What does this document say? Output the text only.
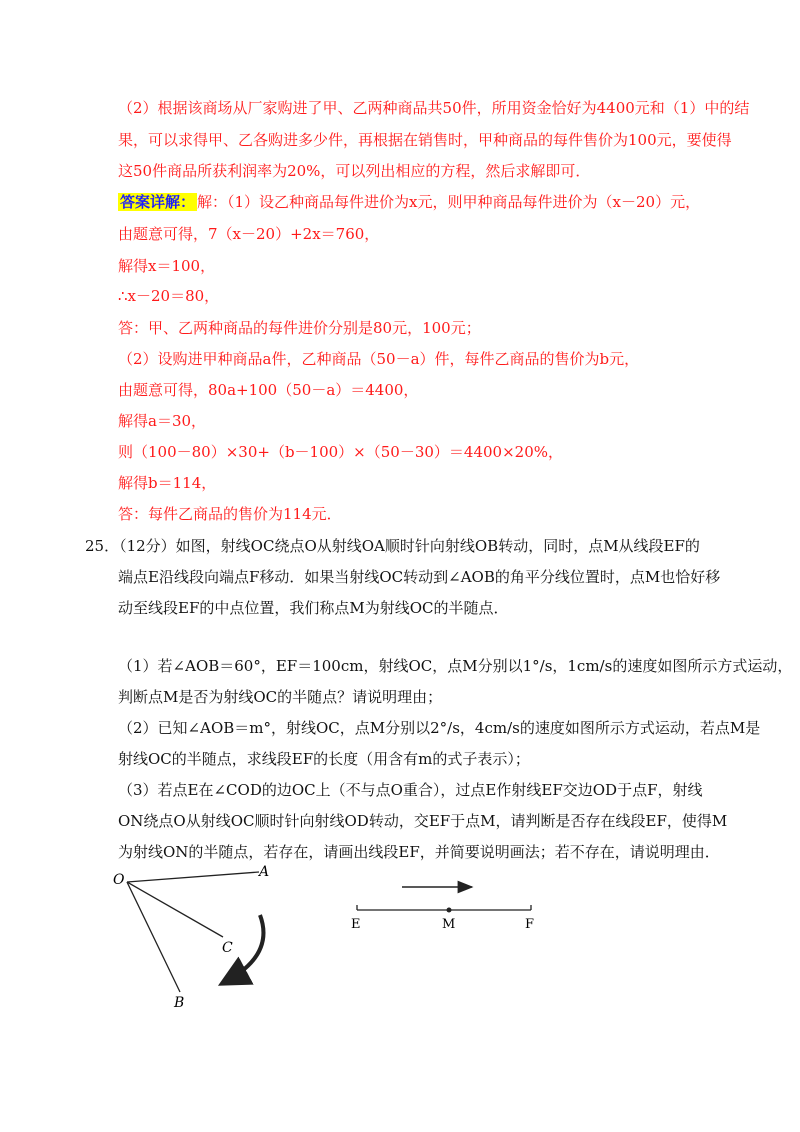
（2）根据该商场从厂家购进了甲、乙两种商品共50件，所用资金恰好为4400元和（1）中的结
果，可以求得甲、乙各购进多少件，再根据在销售时，甲种商品的每件售价为100元，要使得
这50件商品所获利润率为20%，可以列出相应的方程，然后求解即可．
答案详解： 解：（1）设乙种商品每件进价为x元，则甲种商品每件进价为（x－20）元，
由题意可得，7（x－20）+2x＝760，
解得x＝100，
∴x－20＝80，
答：甲、乙两种商品的每件进价分别是80元，100元；
（2）设购进甲种商品a件，乙种商品（50－a）件，每件乙商品的售价为b元，
由题意可得，80a+100（50－a）＝4400，
解得a＝30，
则（100－80）×30+（b－100）×（50－30）＝4400×20%，
解得b＝114，
答：每件乙商品的售价为114元．
25．（12分）如图，射线OC绕点O从射线OA顺时针向射线OB转动，同时，点M从线段EF的
端点E沿线段向端点F移动．如果当射线OC转动到∠AOB的角平分线位置时，点M也恰好移
动至线段EF的中点位置，我们称点M为射线OC的半随点．
（1）若∠AOB＝60°，EF＝100cm，射线OC，点M分别以1°/s，1cm/s的速度如图所示方式运动，
判断点M是否为射线OC的半随点？请说明理由；
（2）已知∠AOB＝m°，射线OC，点M分别以2°/s，4cm/s的速度如图所示方式运动，若点M是
射线OC的半随点，求线段EF的长度（用含有m的式子表示）；
（3）若点E在∠COD的边OC上（不与点O重合），过点E作射线EF交边OD于点F，射线
ON绕点O从射线OC顺时针向射线OD转动，交EF于点M，请判断是否存在线段EF，使得M
为射线ON的半随点，若存在，请画出线段EF，并简要说明画法；若不存在，请说明理由．
O	A
C
B
E	M	F
